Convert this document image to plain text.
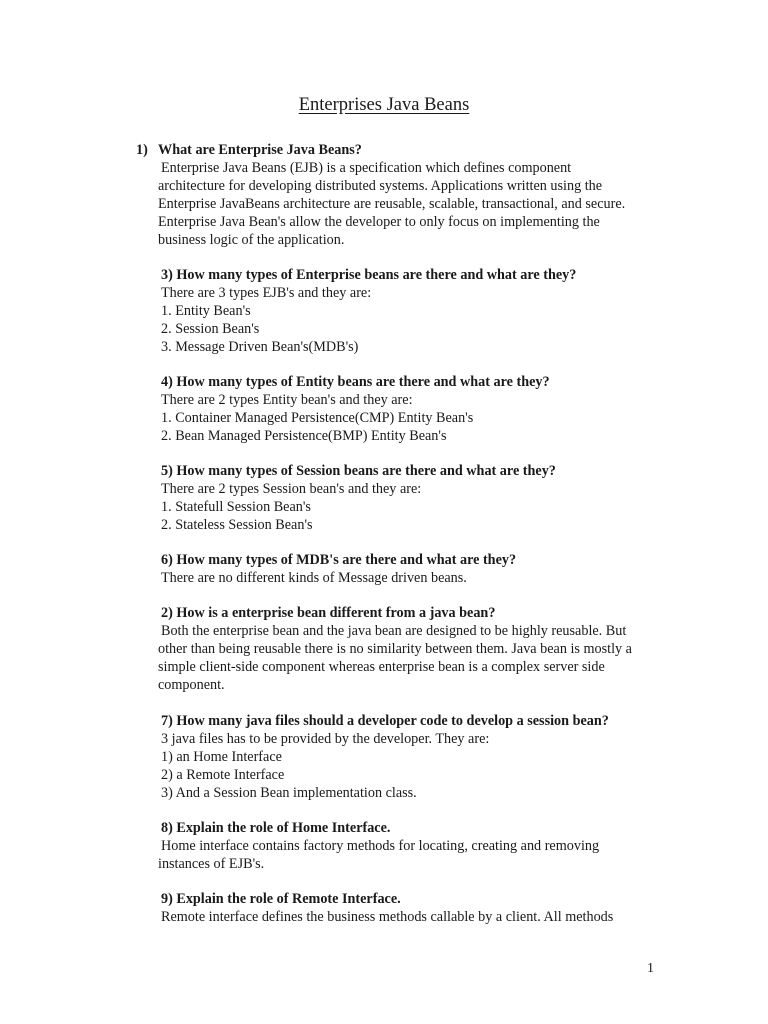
Enterprises Java Beans
1) What are Enterprise Java Beans?
Enterprise Java Beans (EJB) is a specification which defines component architecture for developing distributed systems. Applications written using the Enterprise JavaBeans architecture are reusable, scalable, transactional, and secure. Enterprise Java Bean's allow the developer to only focus on implementing the business logic of the application.
3) How many types of Enterprise beans are there and what are they?
There are 3 types EJB's and they are:
1. Entity Bean's
2. Session Bean's
3. Message Driven Bean's(MDB's)
4) How many types of Entity beans are there and what are they?
There are 2 types Entity bean's and they are:
1. Container Managed Persistence(CMP) Entity Bean's
2. Bean Managed Persistence(BMP) Entity Bean's
5) How many types of Session beans are there and what are they?
There are 2 types Session bean's and they are:
1. Statefull Session Bean's
2. Stateless Session Bean's
6) How many types of MDB's are there and what are they?
There are no different kinds of Message driven beans.
2) How is a enterprise bean different from a java bean?
Both the enterprise bean and the java bean are designed to be highly reusable. But other than being reusable there is no similarity between them. Java bean is mostly a simple client-side component whereas enterprise bean is a complex server side component.
7) How many java files should a developer code to develop a session bean?
3 java files has to be provided by the developer. They are:
1) an Home Interface
2) a Remote Interface
3) And a Session Bean implementation class.
8) Explain the role of Home Interface.
Home interface contains factory methods for locating, creating and removing instances of EJB's.
9) Explain the role of Remote Interface.
Remote interface defines the business methods callable by a client. All methods
1
